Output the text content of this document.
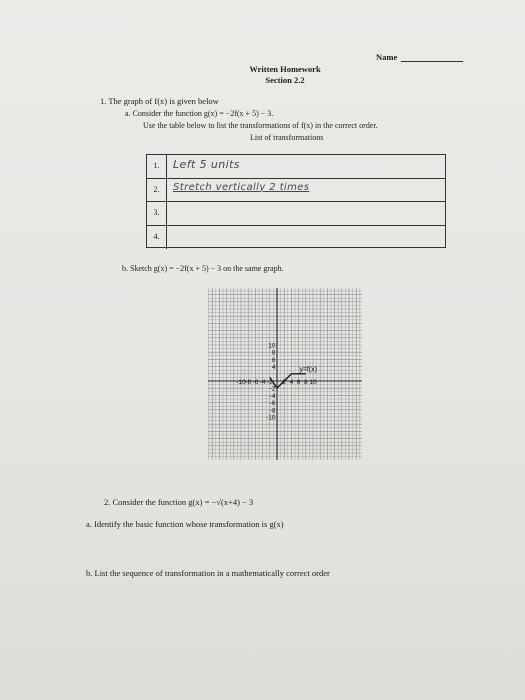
Name
Written Homework
Section 2.2
1. The graph of f(x) is given below
a. Consider the function g(x) = −2f(x + 5) − 3.
Use the table below to list the transformations of f(x) in the correct order.
List of transformations
1.	Left 5 units
2.	Stretch vertically 2 times
3.
4.
b. Sketch g(x) = −2f(x + 5) − 3 on the same graph.
-10 -8 -6 -4 -2 2 4 6 8 10
10
8
6
4
-2
-4
-6
-8
-10
y=f(x)
2. Consider the function g(x) = −√(x+4) − 3
a. Identify the basic function whose transformation is g(x)
b. List the sequence of transformation in a mathematically correct order
